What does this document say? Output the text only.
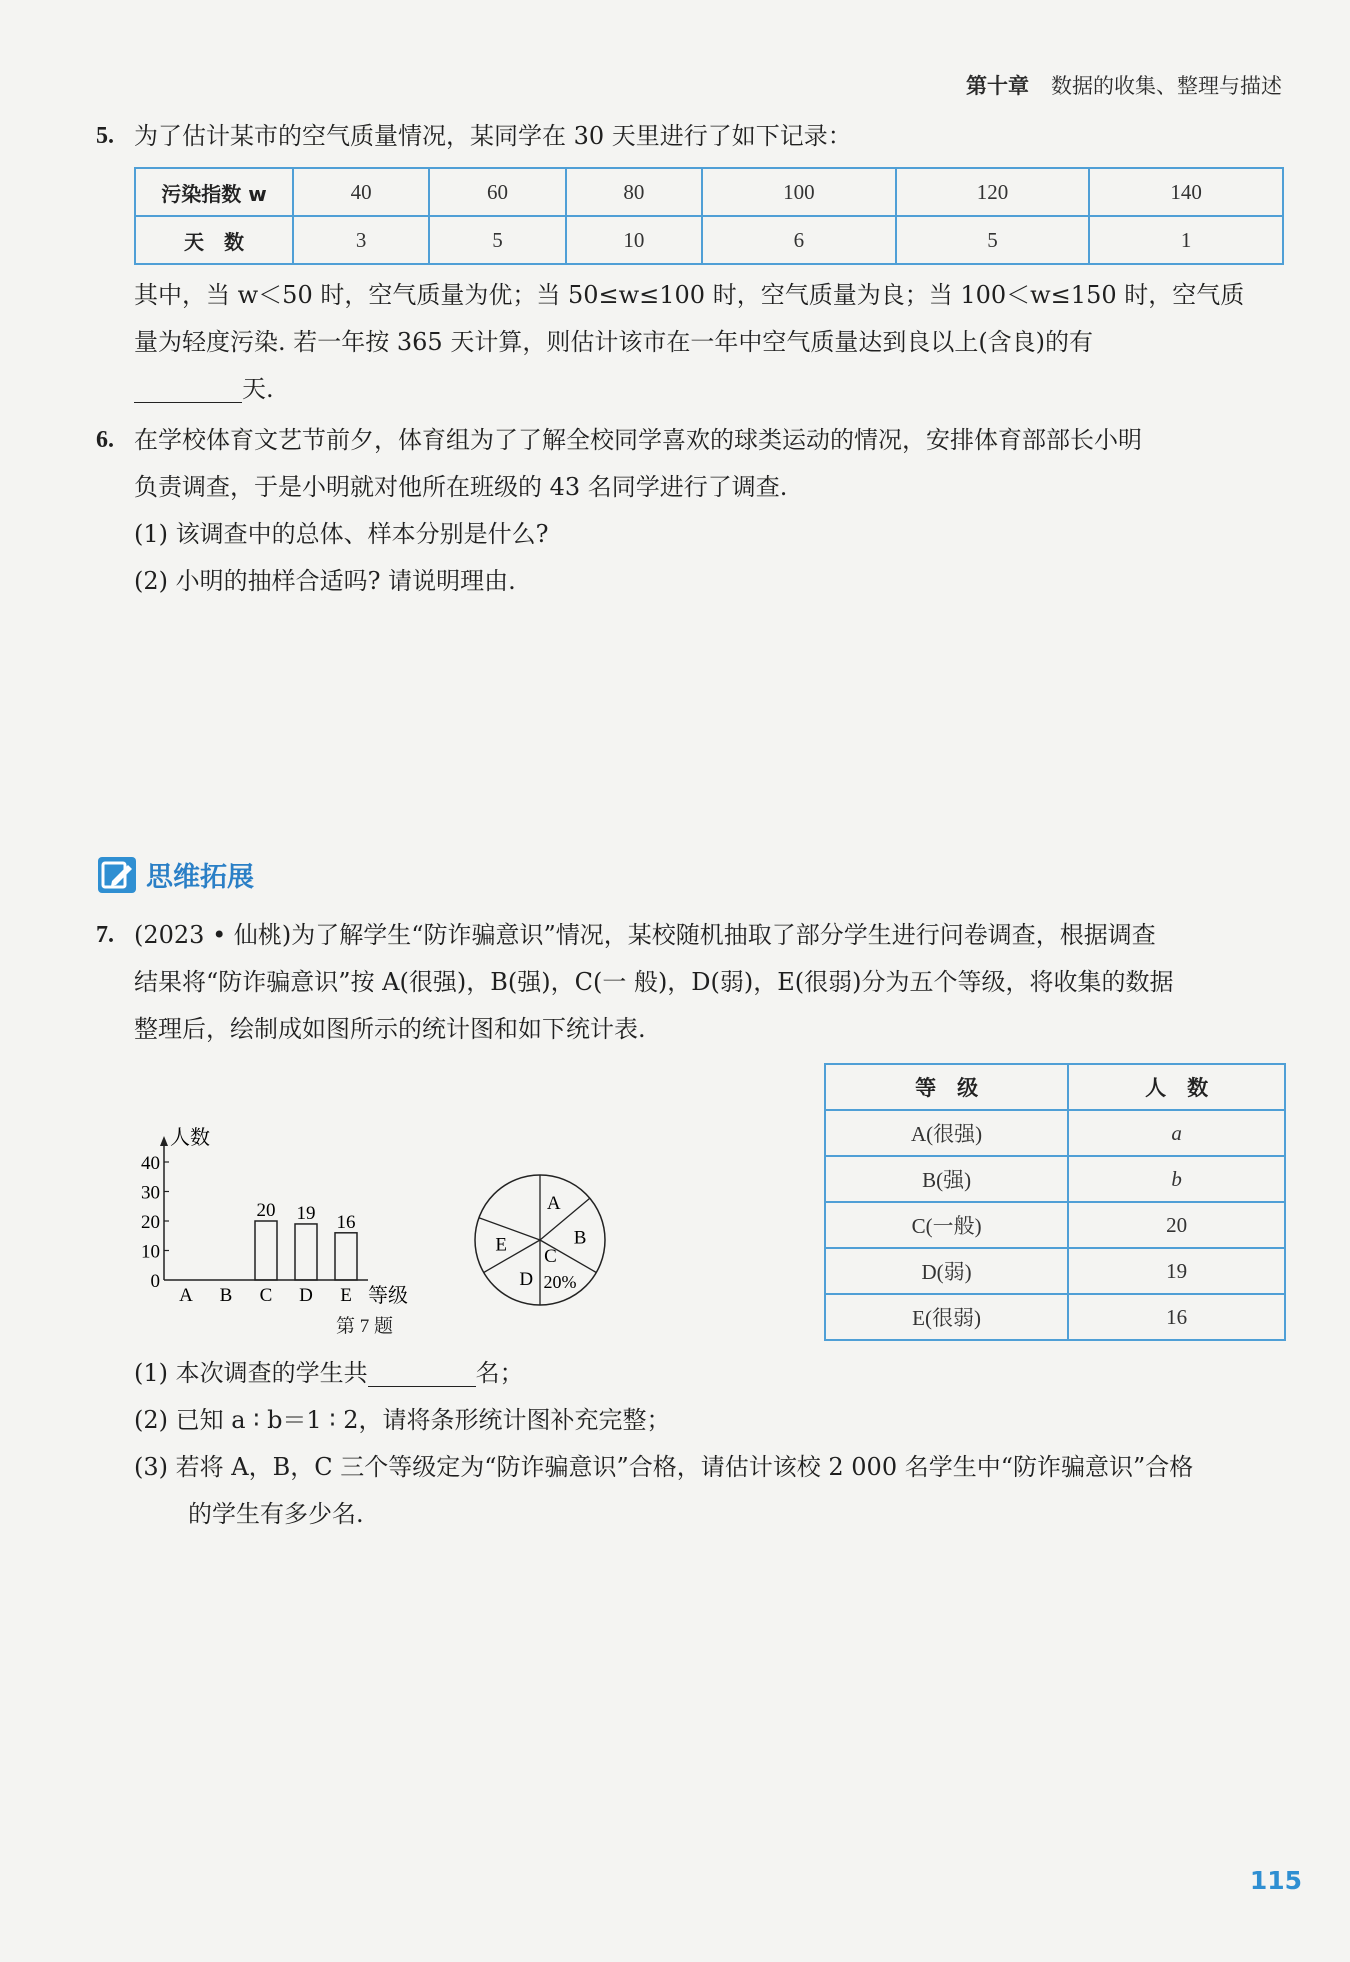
第十章 数据的收集、整理与描述
5. 为了估计某市的空气质量情况，某同学在 30 天里进行了如下记录：
污染指数 w	40	60	80	100	120	140
天　数	3	5	10	6	5	1
其中，当 w＜50 时，空气质量为优；当 50≤w≤100 时，空气质量为良；当 100＜w≤150 时，空气质
量为轻度污染. 若一年按 365 天计算，则估计该市在一年中空气质量达到良以上(含良)的有
天.
6. 在学校体育文艺节前夕，体育组为了了解全校同学喜欢的球类运动的情况，安排体育部部长小明
负责调查，于是小明就对他所在班级的 43 名同学进行了调查.
(1) 该调查中的总体、样本分别是什么?
(2) 小明的抽样合适吗? 请说明理由.
思维拓展
7. (2023 • 仙桃)为了解学生“防诈骗意识”情况，某校随机抽取了部分学生进行问卷调查，根据调查
结果将“防诈骗意识”按 A(很强)，B(强)，C(一 般)，D(弱)，E(很弱)分为五个等级，将收集的数据
整理后，绘制成如图所示的统计图和如下统计表.
人数
等级
0
10
20
30
40
A B C
20
D
19
E
16
A
B
C
D
E
20%
第 7 题
等　级	人　数
A(很强)	a
B(强)	b
C(一般)	20
D(弱)	19
E(很弱)	16
(1) 本次调查的学生共	名；
(2) 已知 a ∶ b＝1 ∶ 2，请将条形统计图补充完整；
(3) 若将 A，B，C 三个等级定为“防诈骗意识”合格，请估计该校 2 000 名学生中“防诈骗意识”合格
的学生有多少名.
115
